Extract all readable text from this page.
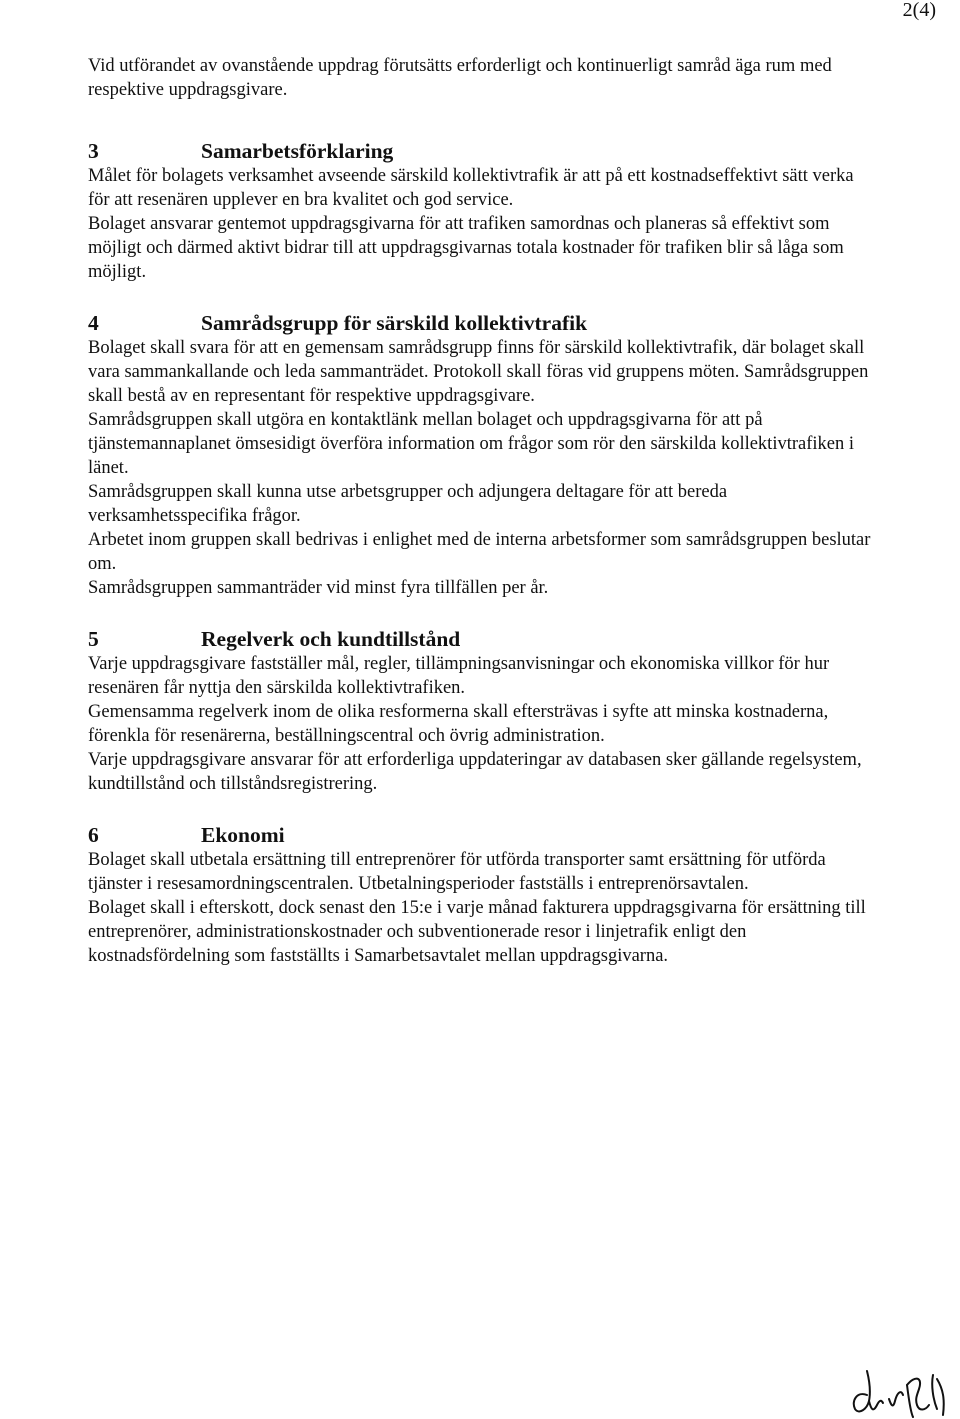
2(4)

Vid utförandet av ovanstående uppdrag förutsätts erforderligt och kontinuerligt samråd äga rum med respektive uppdragsgivare.

3	Samarbetsförklaring

Målet för bolagets verksamhet avseende särskild kollektivtrafik är att på ett kostnadseffektivt sätt verka för att resenären upplever en bra kvalitet och god service.

Bolaget ansvarar gentemot uppdragsgivarna för att trafiken samordnas och planeras så effektivt som möjligt och därmed aktivt bidrar till att uppdragsgivarnas totala kostnader för trafiken blir så låga som möjligt.

4	Samrådsgrupp för särskild kollektivtrafik

Bolaget skall svara för att en gemensam samrådsgrupp finns för särskild kollektivtrafik, där bolaget skall vara sammankallande och leda sammanträdet. Protokoll skall föras vid gruppens möten. Samrådsgruppen skall bestå av en representant för respektive uppdragsgivare.

Samrådsgruppen skall utgöra en kontaktlänk mellan bolaget och uppdragsgivarna för att på tjänstemannaplanet ömsesidigt överföra information om frågor som rör den särskilda kollektivtrafiken i länet.

Samrådsgruppen skall kunna utse arbetsgrupper och adjungera deltagare för att bereda verksamhetsspecifika frågor.

Arbetet inom gruppen skall bedrivas i enlighet med de interna arbetsformer som samrådsgruppen beslutar om.

Samrådsgruppen sammanträder vid minst fyra tillfällen per år.

5	Regelverk och kundtillstånd

Varje uppdragsgivare fastställer mål, regler, tillämpningsanvisningar och ekonomiska villkor för hur resenären får nyttja den särskilda kollektivtrafiken.

Gemensamma regelverk inom de olika resformerna skall eftersträvas i syfte att minska kostnaderna, förenkla för resenärerna, beställningscentral och övrig administration.

Varje uppdragsgivare ansvarar för att erforderliga uppdateringar av databasen sker gällande regelsystem, kundtillstånd och tillståndsregistrering.

6	Ekonomi

Bolaget skall utbetala ersättning till entreprenörer för utförda transporter samt ersättning för utförda tjänster i resesamordningscentralen. Utbetalningsperioder fastställs i entreprenörsavtalen.

Bolaget skall i efterskott, dock senast den 15:e i varje månad fakturera uppdragsgivarna för ersättning till entreprenörer, administrationskostnader och subventionerade resor i linjetrafik enligt den kostnadsfördelning som fastställts i Samarbetsavtalet mellan uppdragsgivarna.
